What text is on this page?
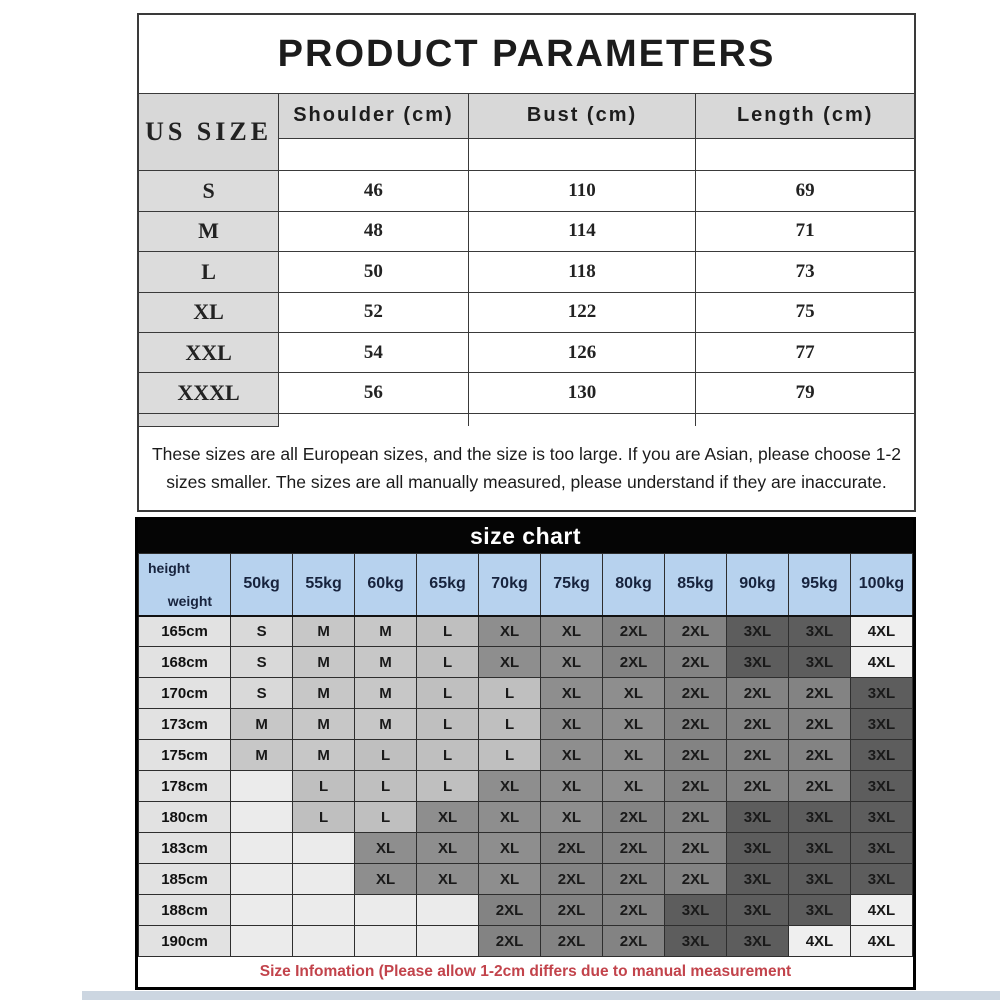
PRODUCT PARAMETERS			
US SIZE	Shoulder (cm)	Bust (cm)	Length (cm)

S	46	110	69
M	48	114	71
L	50	118	73
XL	52	122	75
XXL	54	126	77
XXXL	56	130	79

These sizes are all European sizes, and the size is too large. If you are Asian, please choose 1-2 sizes smaller. The sizes are all manually measured, please understand if they are inaccurate.			
size chart
height
weight	50kg	55kg	60kg	65kg	70kg	75kg	80kg	85kg	90kg	95kg	100kg
165cm	S	M	M	L	XL	XL	2XL	2XL	3XL	3XL	4XL
168cm	S	M	M	L	XL	XL	2XL	2XL	3XL	3XL	4XL
170cm	S	M	M	L	L	XL	XL	2XL	2XL	2XL	3XL
173cm	M	M	M	L	L	XL	XL	2XL	2XL	2XL	3XL
175cm	M	M	L	L	L	XL	XL	2XL	2XL	2XL	3XL
178cm		L	L	L	XL	XL	XL	2XL	2XL	2XL	3XL
180cm		L	L	XL	XL	XL	2XL	2XL	3XL	3XL	3XL
183cm			XL	XL	XL	2XL	2XL	2XL	3XL	3XL	3XL
185cm			XL	XL	XL	2XL	2XL	2XL	3XL	3XL	3XL
188cm					2XL	2XL	2XL	3XL	3XL	3XL	4XL
190cm					2XL	2XL	2XL	3XL	3XL	4XL	4XL
Size Infomation (Please allow 1-2cm differs due to manual measurement
